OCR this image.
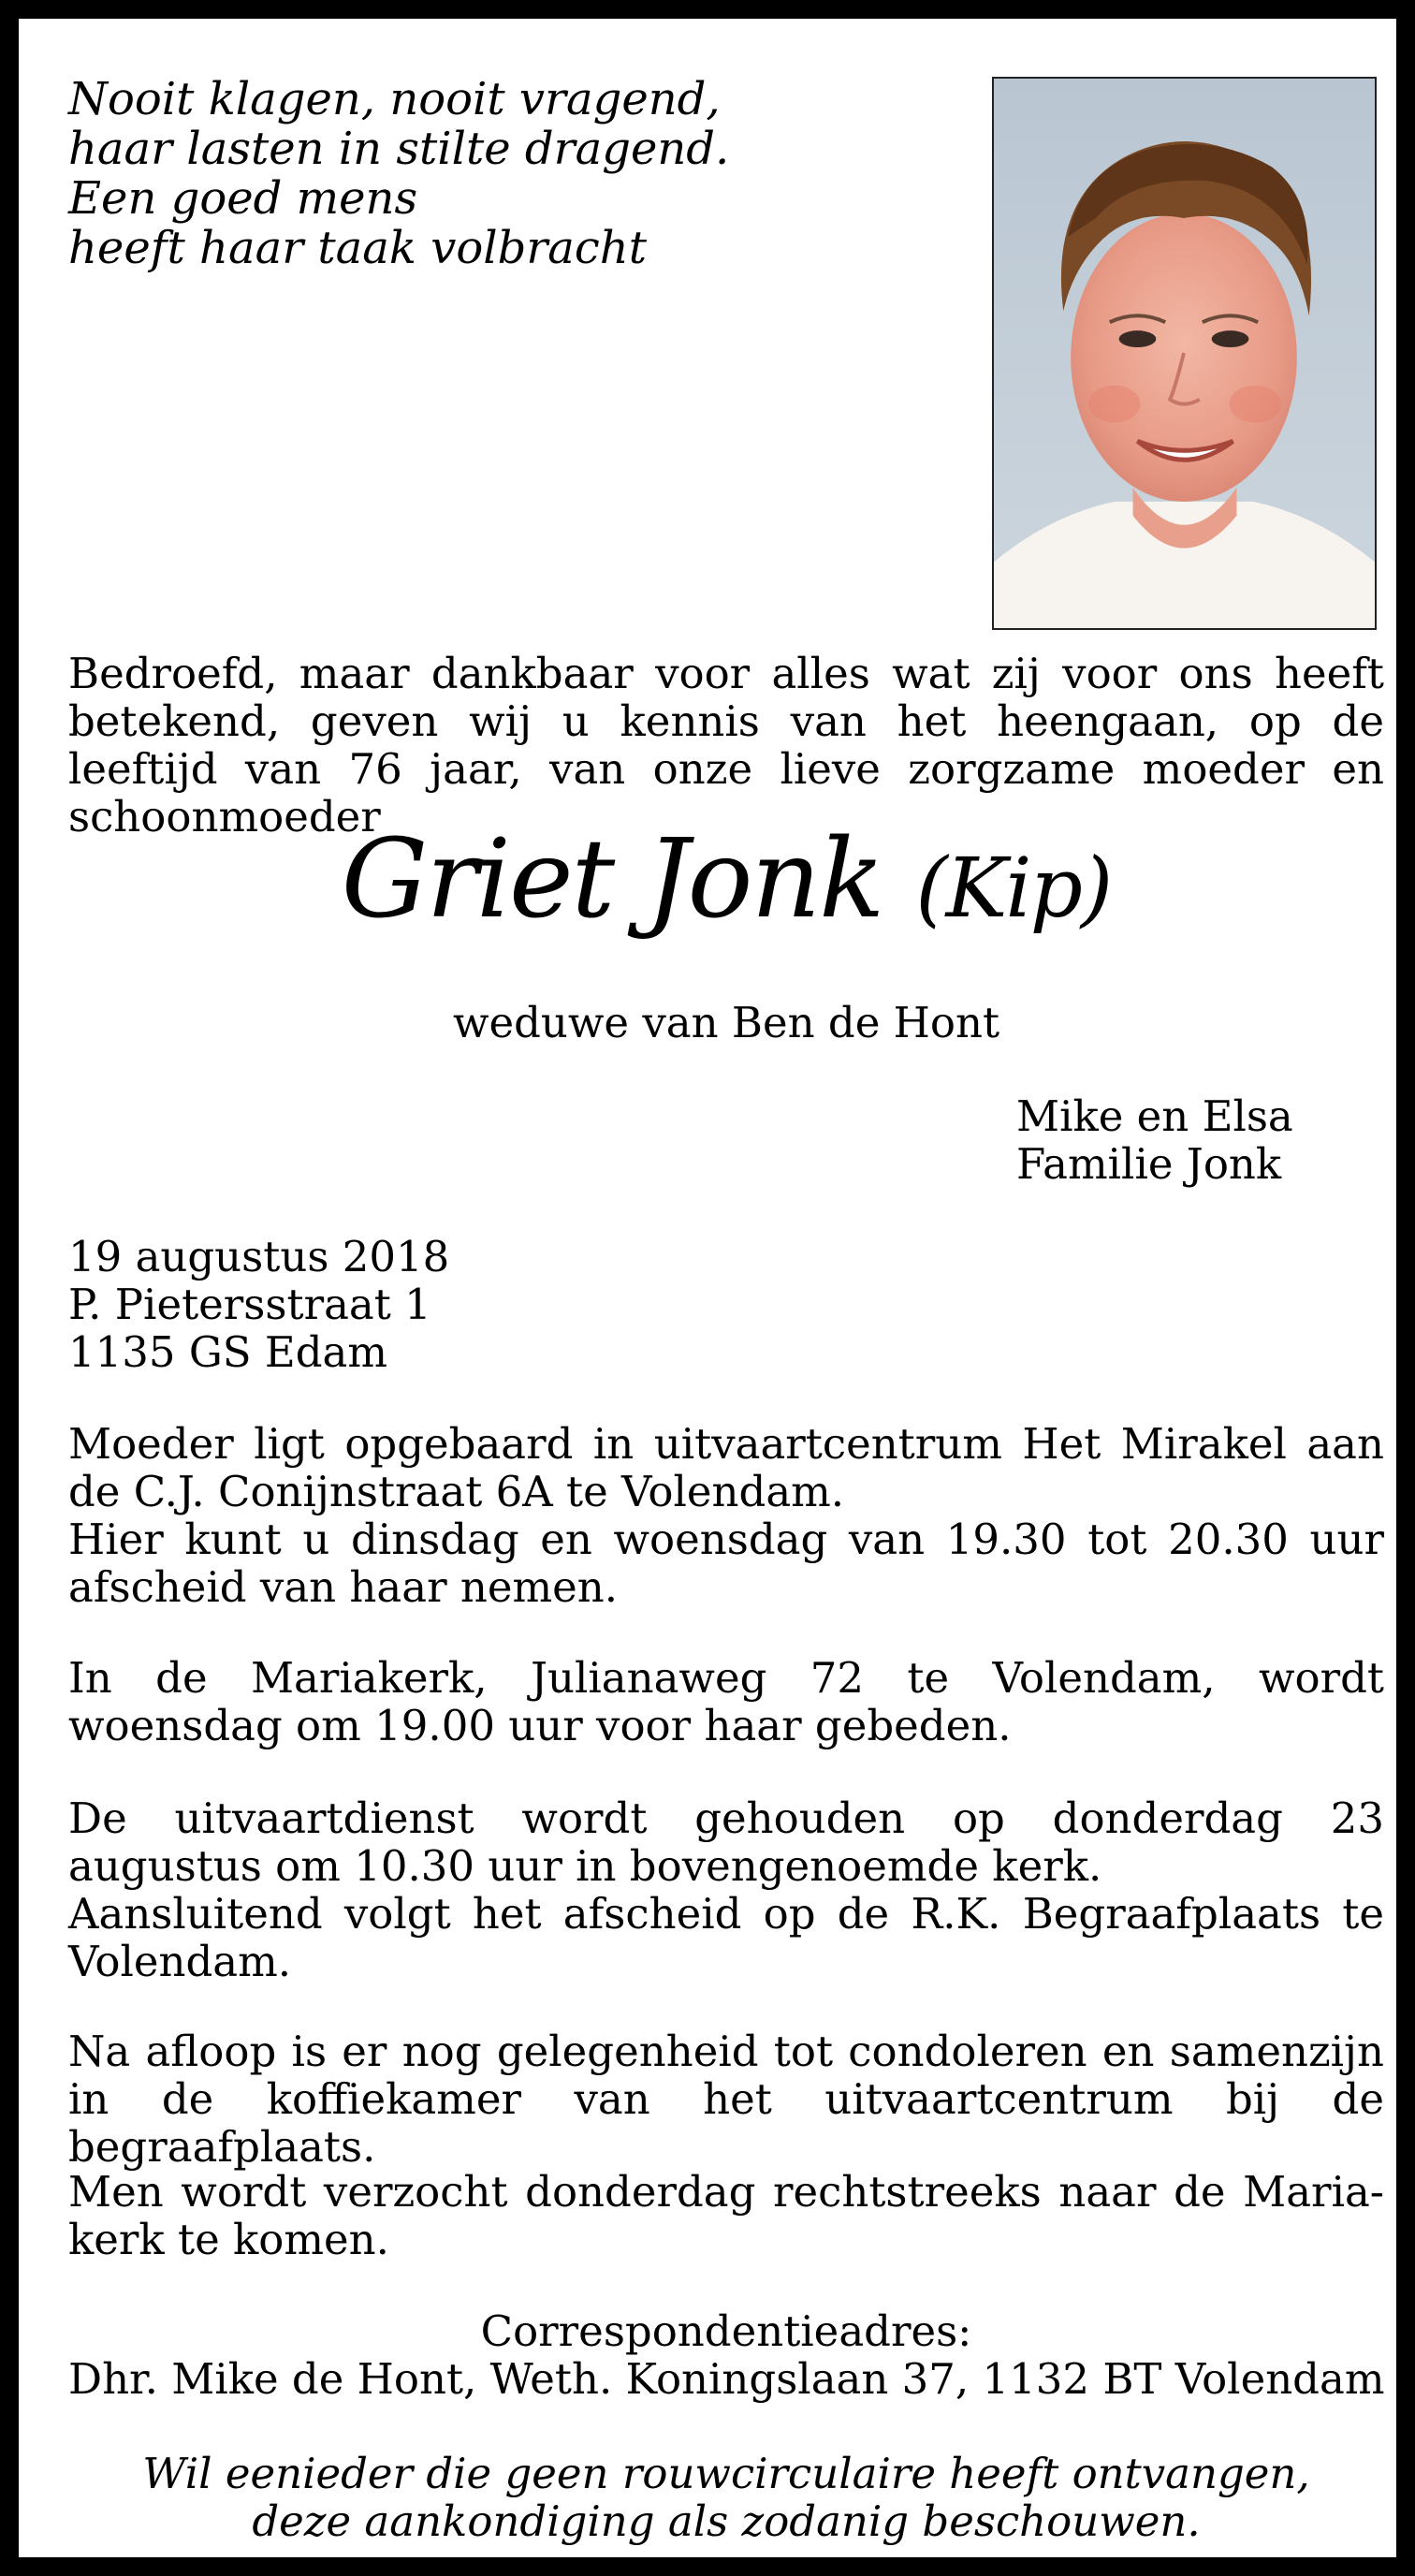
Nooit klagen, nooit vragend,
haar lasten in stilte dragend.
Een goed mens
heeft haar taak volbracht
Bedroefd, maar dankbaar voor alles wat zij voor ons heeft betekend, geven wij u kennis van het heengaan, op de leeftijd van 76 jaar, van onze lieve zorgzame moeder en schoonmoeder
Griet Jonk (Kip)
weduwe van Ben de Hont
Mike en Elsa
Familie Jonk
19 augustus 2018
P. Pietersstraat 1
1135 GS Edam
Moeder ligt opgebaard in uitvaartcentrum Het Mirakel aan de C.J. Conijnstraat 6A te Volendam.
Hier kunt u dinsdag en woensdag van 19.30 tot 20.30 uur afscheid van haar nemen.
In de Mariakerk, Julianaweg 72 te Volendam, wordt woensdag om 19.00 uur voor haar gebeden.
De uitvaartdienst wordt gehouden op donderdag 23 augustus om 10.30 uur in bovengenoemde kerk.
Aansluitend volgt het afscheid op de R.K. Begraafplaats te Volendam.
Na afloop is er nog gelegenheid tot condoleren en samenzijn in de koffiekamer van het uitvaartcentrum bij de begraafplaats.
Men wordt verzocht donderdag rechtstreeks naar de Maria-kerk te komen.
Correspondentieadres:
Dhr. Mike de Hont, Weth. Koningslaan 37, 1132 BT Volendam
Wil eenieder die geen rouwcirculaire heeft ontvangen,
deze aankondiging als zodanig beschouwen.
